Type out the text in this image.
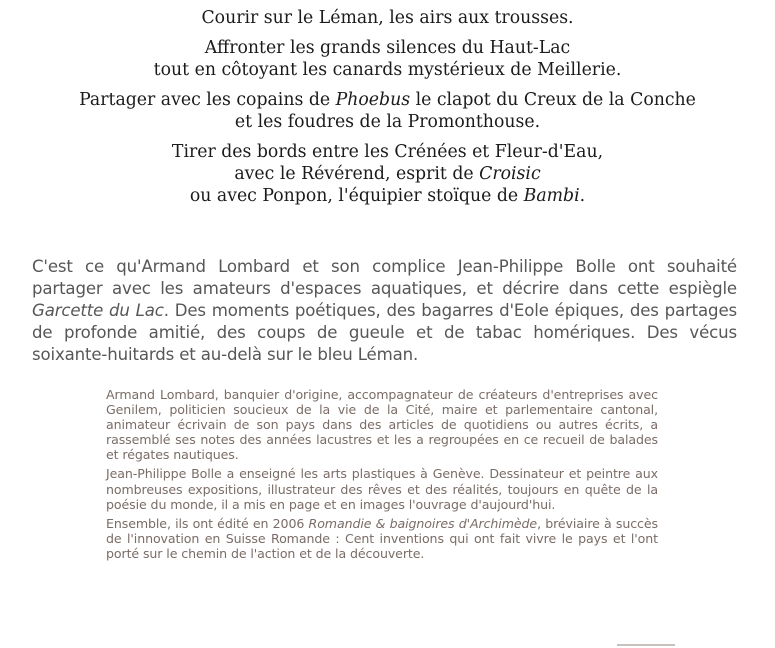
Courir sur le Léman, les airs aux trousses.
Affronter les grands silences du Haut-Lac
tout en côtoyant les canards mystérieux de Meillerie.
Partager avec les copains de Phoebus le clapot du Creux de la Conche
et les foudres de la Promonthouse.
Tirer des bords entre les Crénées et Fleur-d'Eau,
avec le Révérend, esprit de Croisic
ou avec Ponpon, l'équipier stoïque de Bambi.

C'est ce qu'Armand Lombard et son complice Jean-Philippe Bolle ont souhaité partager avec les amateurs d'espaces aquatiques, et décrire dans cette espiègle Garcette du Lac. Des moments poétiques, des bagarres d'Eole épiques, des partages de profonde amitié, des coups de gueule et de tabac homériques. Des vécus soixante-huitards et au-delà sur le bleu Léman.

Armand Lombard, banquier d'origine, accompagnateur de créateurs d'entreprises avec Genilem, politicien soucieux de la vie de la Cité, maire et parlementaire cantonal, animateur écrivain de son pays dans des articles de quotidiens ou autres écrits, a rassemblé ses notes des années lacustres et les a regroupées en ce recueil de balades et régates nautiques.

Jean-Philippe Bolle a enseigné les arts plastiques à Genève. Dessinateur et peintre aux nombreuses expositions, illustrateur des rêves et des réalités, toujours en quête de la poésie du monde, il a mis en page et en images l'ouvrage d'aujourd'hui.

Ensemble, ils ont édité en 2006 Romandie & baignoires d'Archimède, bréviaire à succès de l'innovation en Suisse Romande : Cent inventions qui ont fait vivre le pays et l'ont porté sur le chemin de l'action et de la découverte.
